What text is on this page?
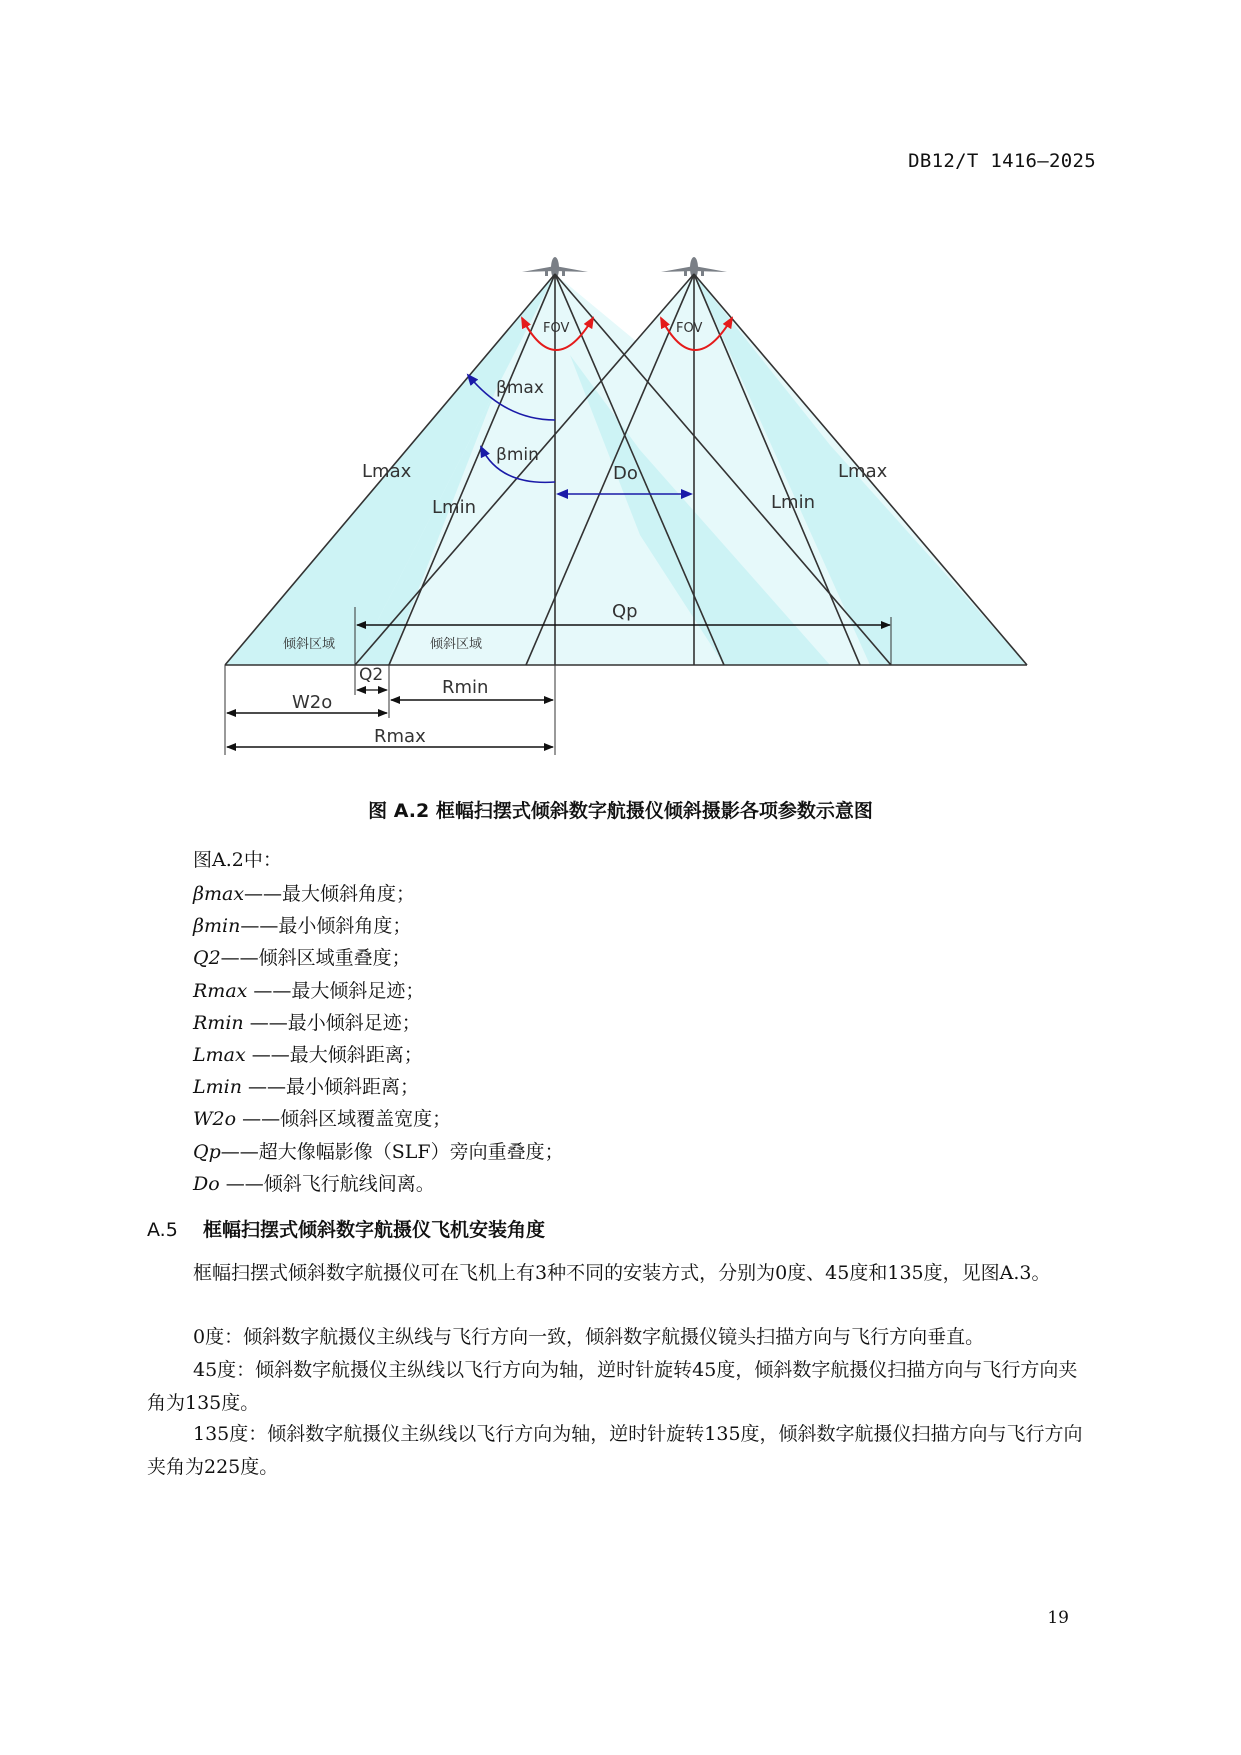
DB12/T 1416—2025
FOV	FOV
βmax
βmin
Do
Lmax	Lmax
Lmin	Lmin
Qp
倾斜区域	倾斜区域
Q2
Rmin
W2o
Rmax
图 A.2 框幅扫摆式倾斜数字航摄仪倾斜摄影各项参数示意图
图A.2中：
βmax——最大倾斜角度；
βmin——最小倾斜角度；
Q2——倾斜区域重叠度；
Rmax ——最大倾斜足迹；
Rmin ——最小倾斜足迹；
Lmax ——最大倾斜距离；
Lmin ——最小倾斜距离；
W2o ——倾斜区域覆盖宽度；
Qp——超大像幅影像（SLF）旁向重叠度；
Do ——倾斜飞行航线间离。
A.5 框幅扫摆式倾斜数字航摄仪飞机安装角度
框幅扫摆式倾斜数字航摄仪可在飞机上有3种不同的安装方式，分别为0度、45度和135度，见图A.3。
0度：倾斜数字航摄仪主纵线与飞行方向一致，倾斜数字航摄仪镜头扫描方向与飞行方向垂直。
45度：倾斜数字航摄仪主纵线以飞行方向为轴，逆时针旋转45度，倾斜数字航摄仪扫描方向与飞行方向夹角为135度。
135度：倾斜数字航摄仪主纵线以飞行方向为轴，逆时针旋转135度，倾斜数字航摄仪扫描方向与飞行方向夹角为225度。
19
